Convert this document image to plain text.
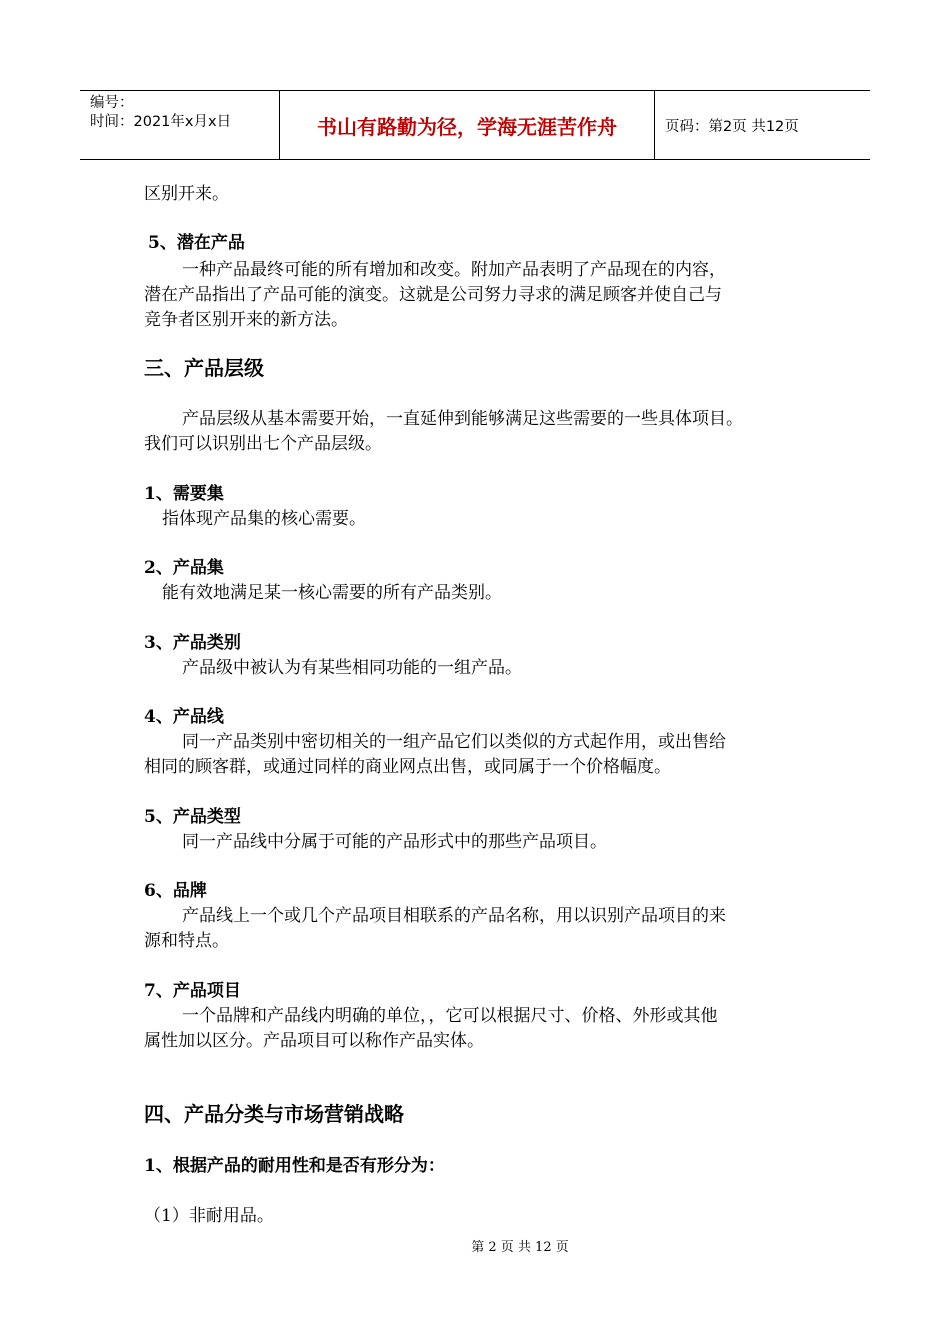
编号：
时间：2021年x月x日	书山有路勤为径，学海无涯苦作舟	页码：第2页 共12页
区别开来。
5、潜在产品
一种产品最终可能的所有增加和改变。附加产品表明了产品现在的内容，
潜在产品指出了产品可能的演变。这就是公司努力寻求的满足顾客并使自己与
竞争者区别开来的新方法。
三、产品层级
产品层级从基本需要开始，一直延伸到能够满足这些需要的一些具体项目。
我们可以识别出七个产品层级。
1、需要集
指体现产品集的核心需要。
2、产品集
能有效地满足某一核心需要的所有产品类别。
3、产品类别
产品级中被认为有某些相同功能的一组产品。
4、产品线
同一产品类别中密切相关的一组产品它们以类似的方式起作用，或出售给
相同的顾客群，或通过同样的商业网点出售，或同属于一个价格幅度。
5、产品类型
同一产品线中分属于可能的产品形式中的那些产品项目。
6、品牌
产品线上一个或几个产品项目相联系的产品名称，用以识别产品项目的来
源和特点。
7、产品项目
一个品牌和产品线内明确的单位，，它可以根据尺寸、价格、外形或其他
属性加以区分。产品项目可以称作产品实体。
四、产品分类与市场营销战略
1、根据产品的耐用性和是否有形分为：
（1）非耐用品。
第 2 页 共 12 页
